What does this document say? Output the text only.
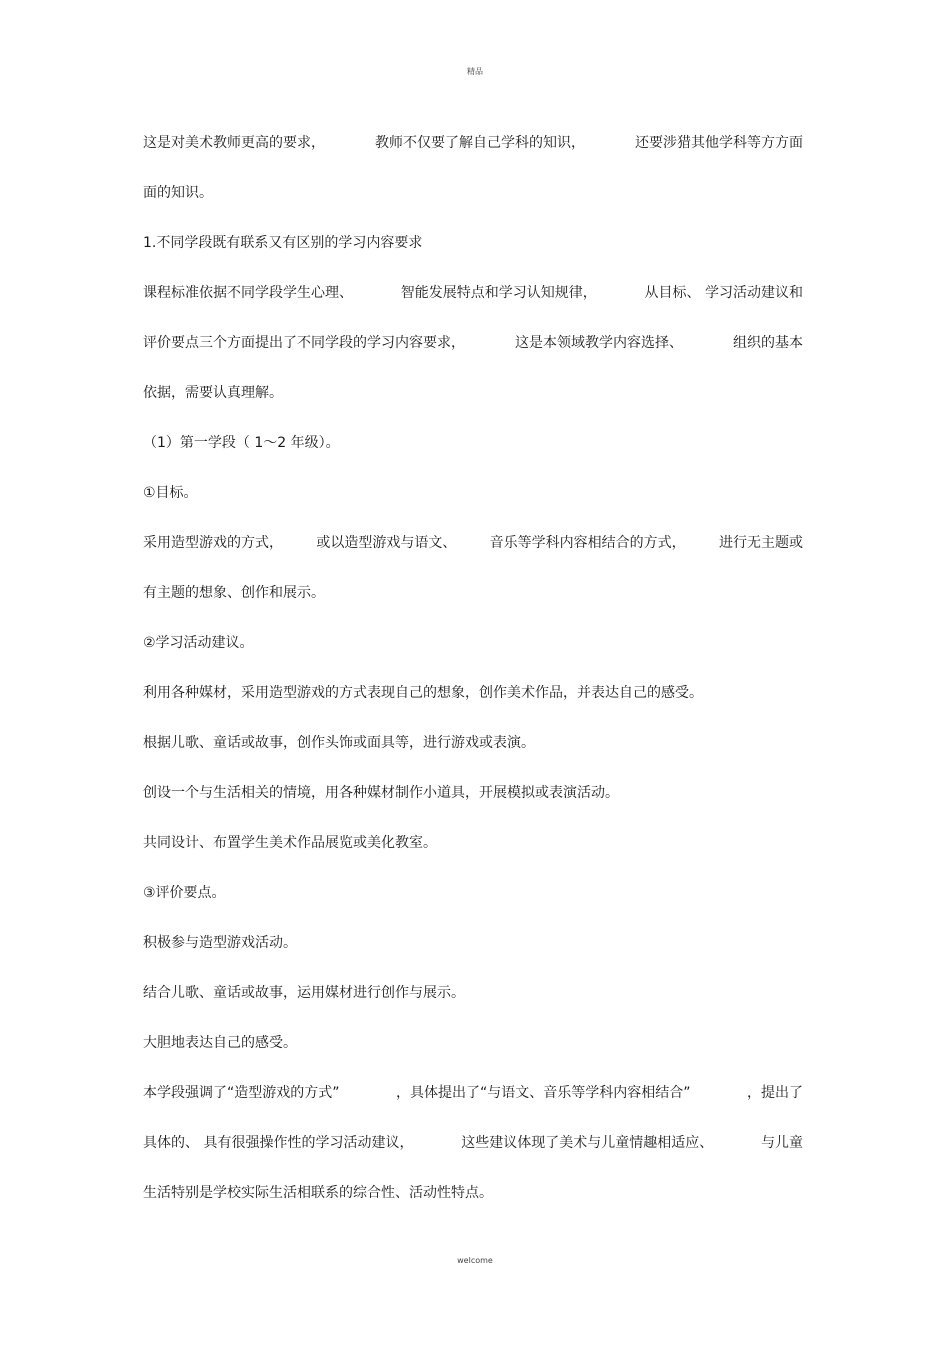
精品
这是对美术教师更高的要求，	教师不仅要了解自己学科的知识，	还要涉猎其他学科等方方面
面的知识。
1.不同学段既有联系又有区别的学习内容要求
课程标准依据不同学段学生心理、	智能发展特点和学习认知规律，	从目标、 学习活动建议和
评价要点三个方面提出了不同学段的学习内容要求，	这是本领域教学内容选择、	组织的基本
依据，需要认真理解。
（1）第一学段（ 1～2 年级）。
①目标。
采用造型游戏的方式， 或以造型游戏与语文、 音乐等学科内容相结合的方式， 进行无主题或
有主题的想象、创作和展示。
②学习活动建议。
利用各种媒材，采用造型游戏的方式表现自己的想象，创作美术作品，并表达自己的感受。
根据儿歌、童话或故事，创作头饰或面具等，进行游戏或表演。
创设一个与生活相关的情境，用各种媒材制作小道具，开展模拟或表演活动。
共同设计、布置学生美术作品展览或美化教室。
③评价要点。
积极参与造型游戏活动。
结合儿歌、童话或故事，运用媒材进行创作与展示。
大胆地表达自己的感受。
本学段强调了“造型游戏的方式”	，具体提出了“与语文、音乐等学科内容相结合”	，提出了
具体的、 具有很强操作性的学习活动建议，	这些建议体现了美术与儿童情趣相适应、	与儿童
生活特别是学校实际生活相联系的综合性、活动性特点。
welcome
